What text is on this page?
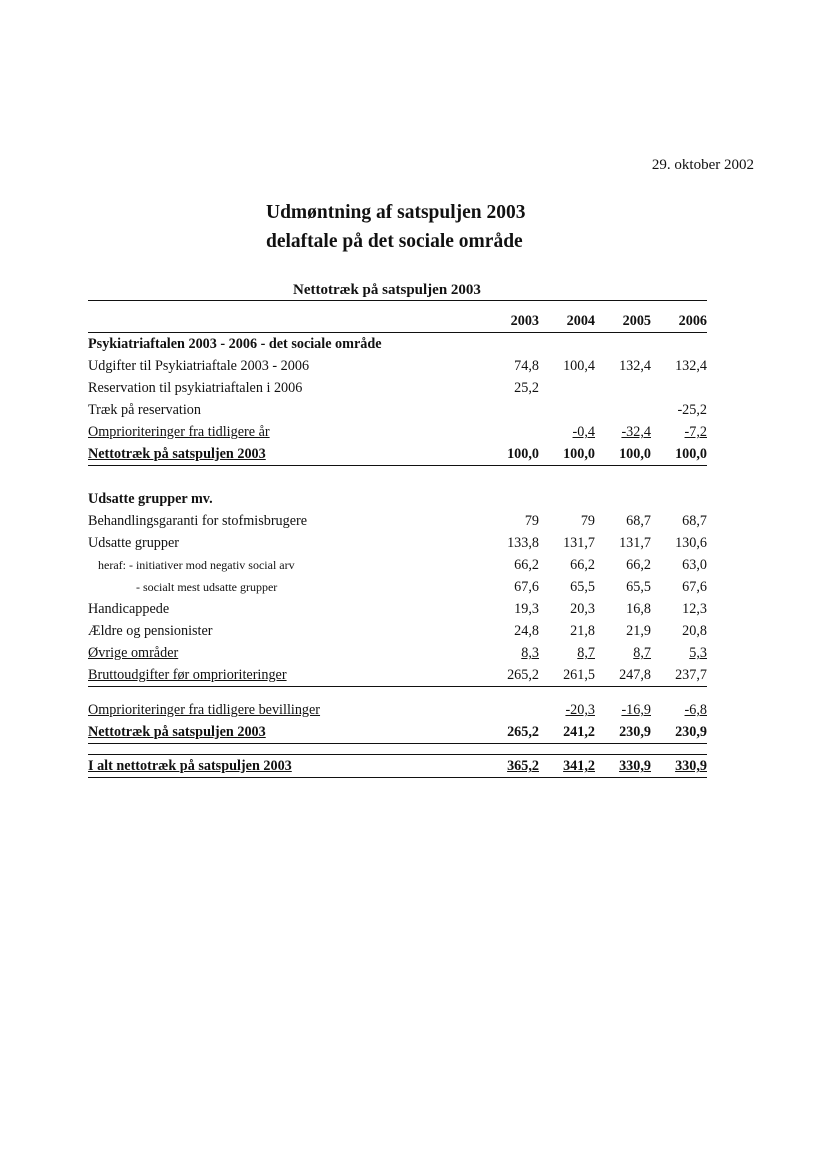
29. oktober 2002
Udmøntning af satspuljen 2003
delaftale på det sociale område
Nettotræk på satspuljen 2003
	2003	2004	2005	2006
Psykiatriaftalen 2003 - 2006 - det sociale område				
Udgifter til Psykiatriaftale 2003 - 2006	74,8	100,4	132,4	132,4
Reservation til psykiatriaftalen i 2006	25,2			
Træk på reservation				-25,2
Omprioriteringer fra tidligere år		-0,4	-32,4	-7,2
Nettotræk på satspuljen 2003	100,0	100,0	100,0	100,0

Udsatte grupper mv.				
Behandlingsgaranti for stofmisbrugere	79	79	68,7	68,7
Udsatte grupper	133,8	131,7	131,7	130,6
heraf: - initiativer mod negativ social arv	66,2	66,2	66,2	63,0
- socialt mest udsatte grupper	67,6	65,5	65,5	67,6
Handicappede	19,3	20,3	16,8	12,3
Ældre og pensionister	24,8	21,8	21,9	20,8
Øvrige områder	8,3	8,7	8,7	5,3
Bruttoudgifter før omprioriteringer	265,2	261,5	247,8	237,7

Omprioriteringer fra tidligere bevillinger		-20,3	-16,9	-6,8
Nettotræk på satspuljen 2003	265,2	241,2	230,9	230,9

I alt nettotræk på satspuljen 2003	365,2	341,2	330,9	330,9
